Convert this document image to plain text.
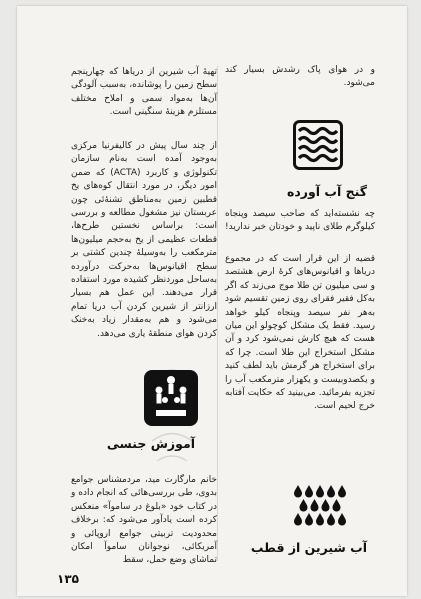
و در هوای پاک رشدش بسیار کند می‌شود.

گنج آب آورده

چه نشسته‌اید که صاحب سیصد وپنجاه کیلوگرم طلای ناپید و خودتان خبر ندارید!

قضیه از این قرار است که در مجموع دریاها و اقیانوس‌های کرهٔ ارض هشتصد و سی میلیون تن طلا موج می‌زند که اگر به‌کل فقیر فقرای روی زمین تقسیم شود به‌هر نفر سیصد وپنجاه کیلو خواهد رسید. فقط یک مشکل کوچولو این میان هست که هیچ کارش نمی‌شود کرد و آن مشکل استخراج این طلا است. چرا که برای استخراج هر گرمش باید لطف کنید و یکصدوبیست و یکهزار مترمکعب آب را تجزیه بفرمائید. می‌بینید که حکایت آفتابه خرج لحیم است.

آب شیرین از قطب

تهیهٔ آب شیرین از دریاها که چهارپنجم سطح زمین را پوشانده، به‌سبب آلودگی آن‌ها به‌مواد سمی و املاح مختلف مستلزم هزینهٔ سنگینی است.

از چند سال پیش در کالیفرنیا مرکزی به‌وجود آمده است به‌نام سازمان تکنولوژی و کاربرد (ACTA) که ضمن امور دیگر، در مورد انتقال کوه‌های یخ قطبین زمین به‌مناطق تشنهٔ‌ئی چون عربستان نیز مشغول مطالعه و بررسی است: براساس نخستین طرح‌ها، قطعات عظیمی از یخ به‌حجم میلیون‌ها مترمکعب را به‌وسیلهٔ چندین کشتی بر سطح اقیانوس‌ها به‌حرکت درآورده به‌ساحل موردنظر کشیده مورد استفاده قرار می‌دهند. این عمل هم بسیار ارزانتر از شیرین کردن آب دریا تمام می‌شود و هم به‌مقدار زیاد به‌خنک کردن هوای منطقهٔ یاری می‌دهد.

آموزش جنسی

خانم مارگارت مید، مردمشناس جوامع بدوی، طی بررسی‌هائی که انجام داده و در کتاب خود «بلوغ در ساموآ» منعکس کرده است یادآور می‌شود که: برخلاف محدودیت تربیتی جوامع اروپائی و آمریکائی، نوجوانان ساموآ امکان تماشای وضع حمل، سقط

۱۳۵
